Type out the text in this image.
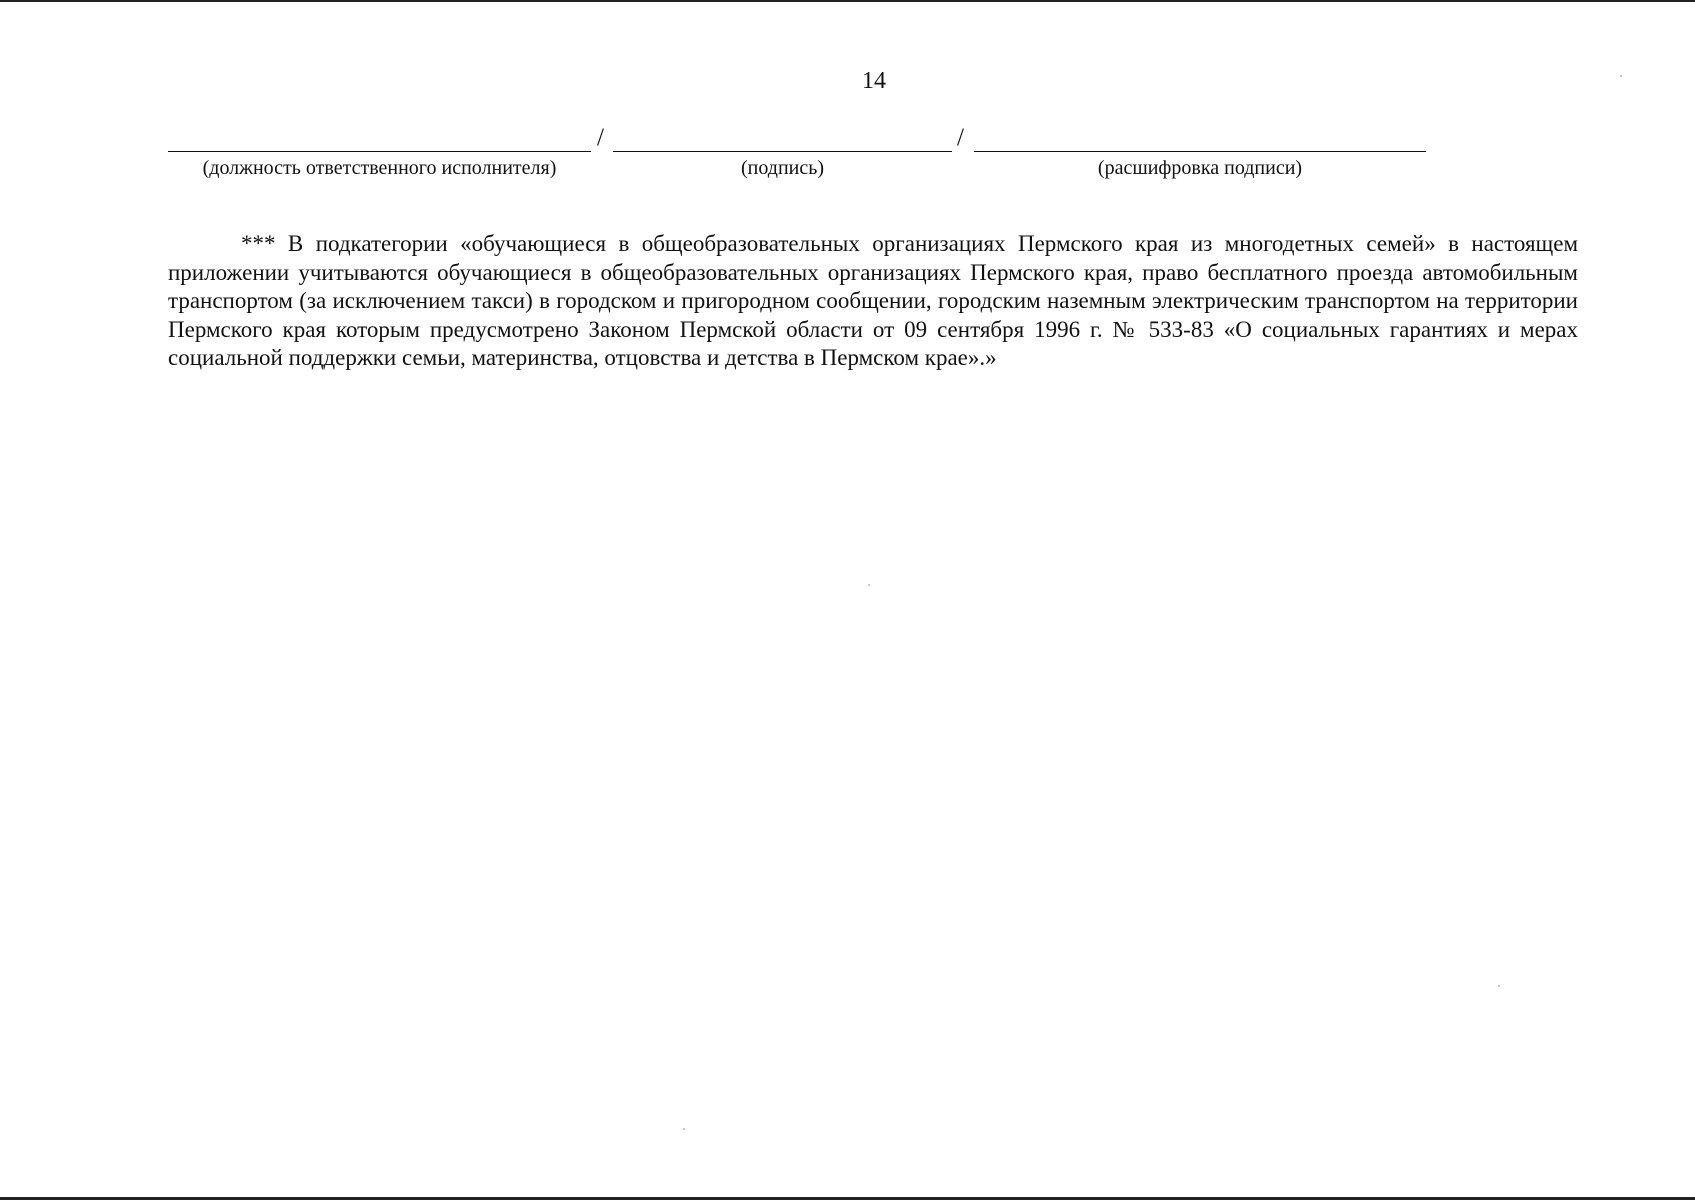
14
/	/
(должность ответственного исполнителя)	(подпись)	(расшифровка подписи)

*** В подкатегории «обучающиеся в общеобразовательных организациях Пермского края из многодетных семей» в настоящем приложении учитываются обучающиеся в общеобразовательных организациях Пермского края, право бесплатного проезда автомобильным транспортом (за исключением такси) в городском и пригородном сообщении, городским наземным электрическим транспортом на территории Пермского края которым предусмотрено Законом Пермской области от 09 сентября 1996 г. № 533-83 «О социальных гарантиях и мерах социальной поддержки семьи, материнства, отцовства и детства в Пермском крае».»
